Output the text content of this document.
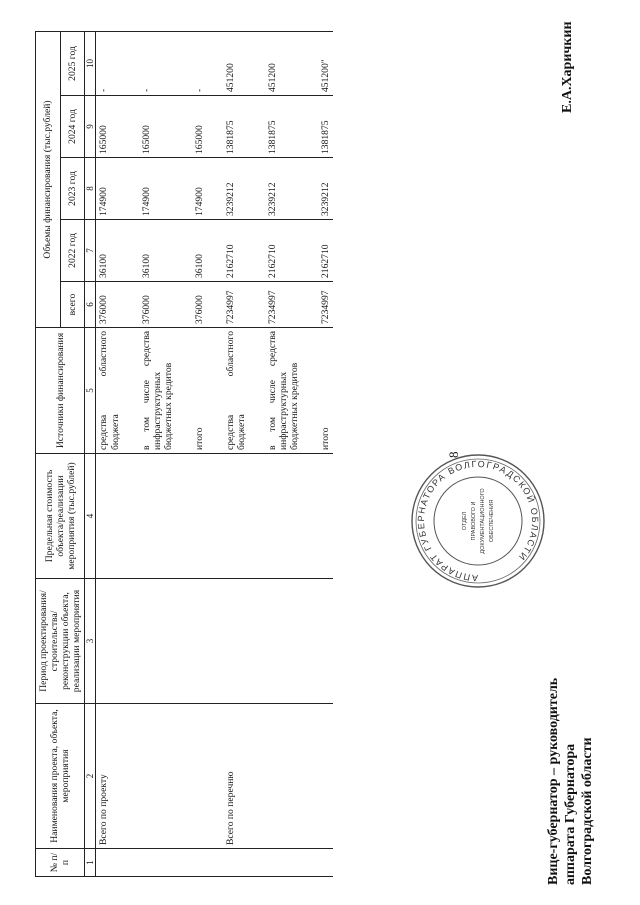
8
№ п/п	Наименования проекта, объекта, мероприятия	Период проектирования/ строительства/ реконструкции объекта, реализации мероприятия	Предельная стоимость объекта/реализации мероприятия (тыс.рублей)	Источники финансирования	Объемы финансирования (тыс.рублей)					
					всего	2022 год	2023 год	2024 год	2025 год	
1	2	3	4	5	6	7	8	9	10	
	Всего по проекту			средства областного бюджета	376000	36100	174900	165000	-	

				в том числе средства инфраструктурных бюджетных кредитов	376000	36100	174900	165000	-	

				итого	376000	36100	174900	165000	-	

	Всего по перечню			средства областного бюджета	7234997	2162710	3239212	1381875	451200	

				в том числе средства инфраструктурных бюджетных кредитов	7234997	2162710	3239212	1381875	451200	

				итого	7234997	2162710	3239212	1381875	451200"	
АППАРАТ ГУБЕРНАТОРА ВОЛГОГРАДСКОЙ ОБЛАСТИ
ОТДЕЛ ПРАВОВОГО И ДОКУМЕНТАЦИОННОГО ОБЕСПЕЧЕНИЯ
Вице-губернатор – руководитель аппарата Губернатора Волгоградской области
Е.А.Харичкин
